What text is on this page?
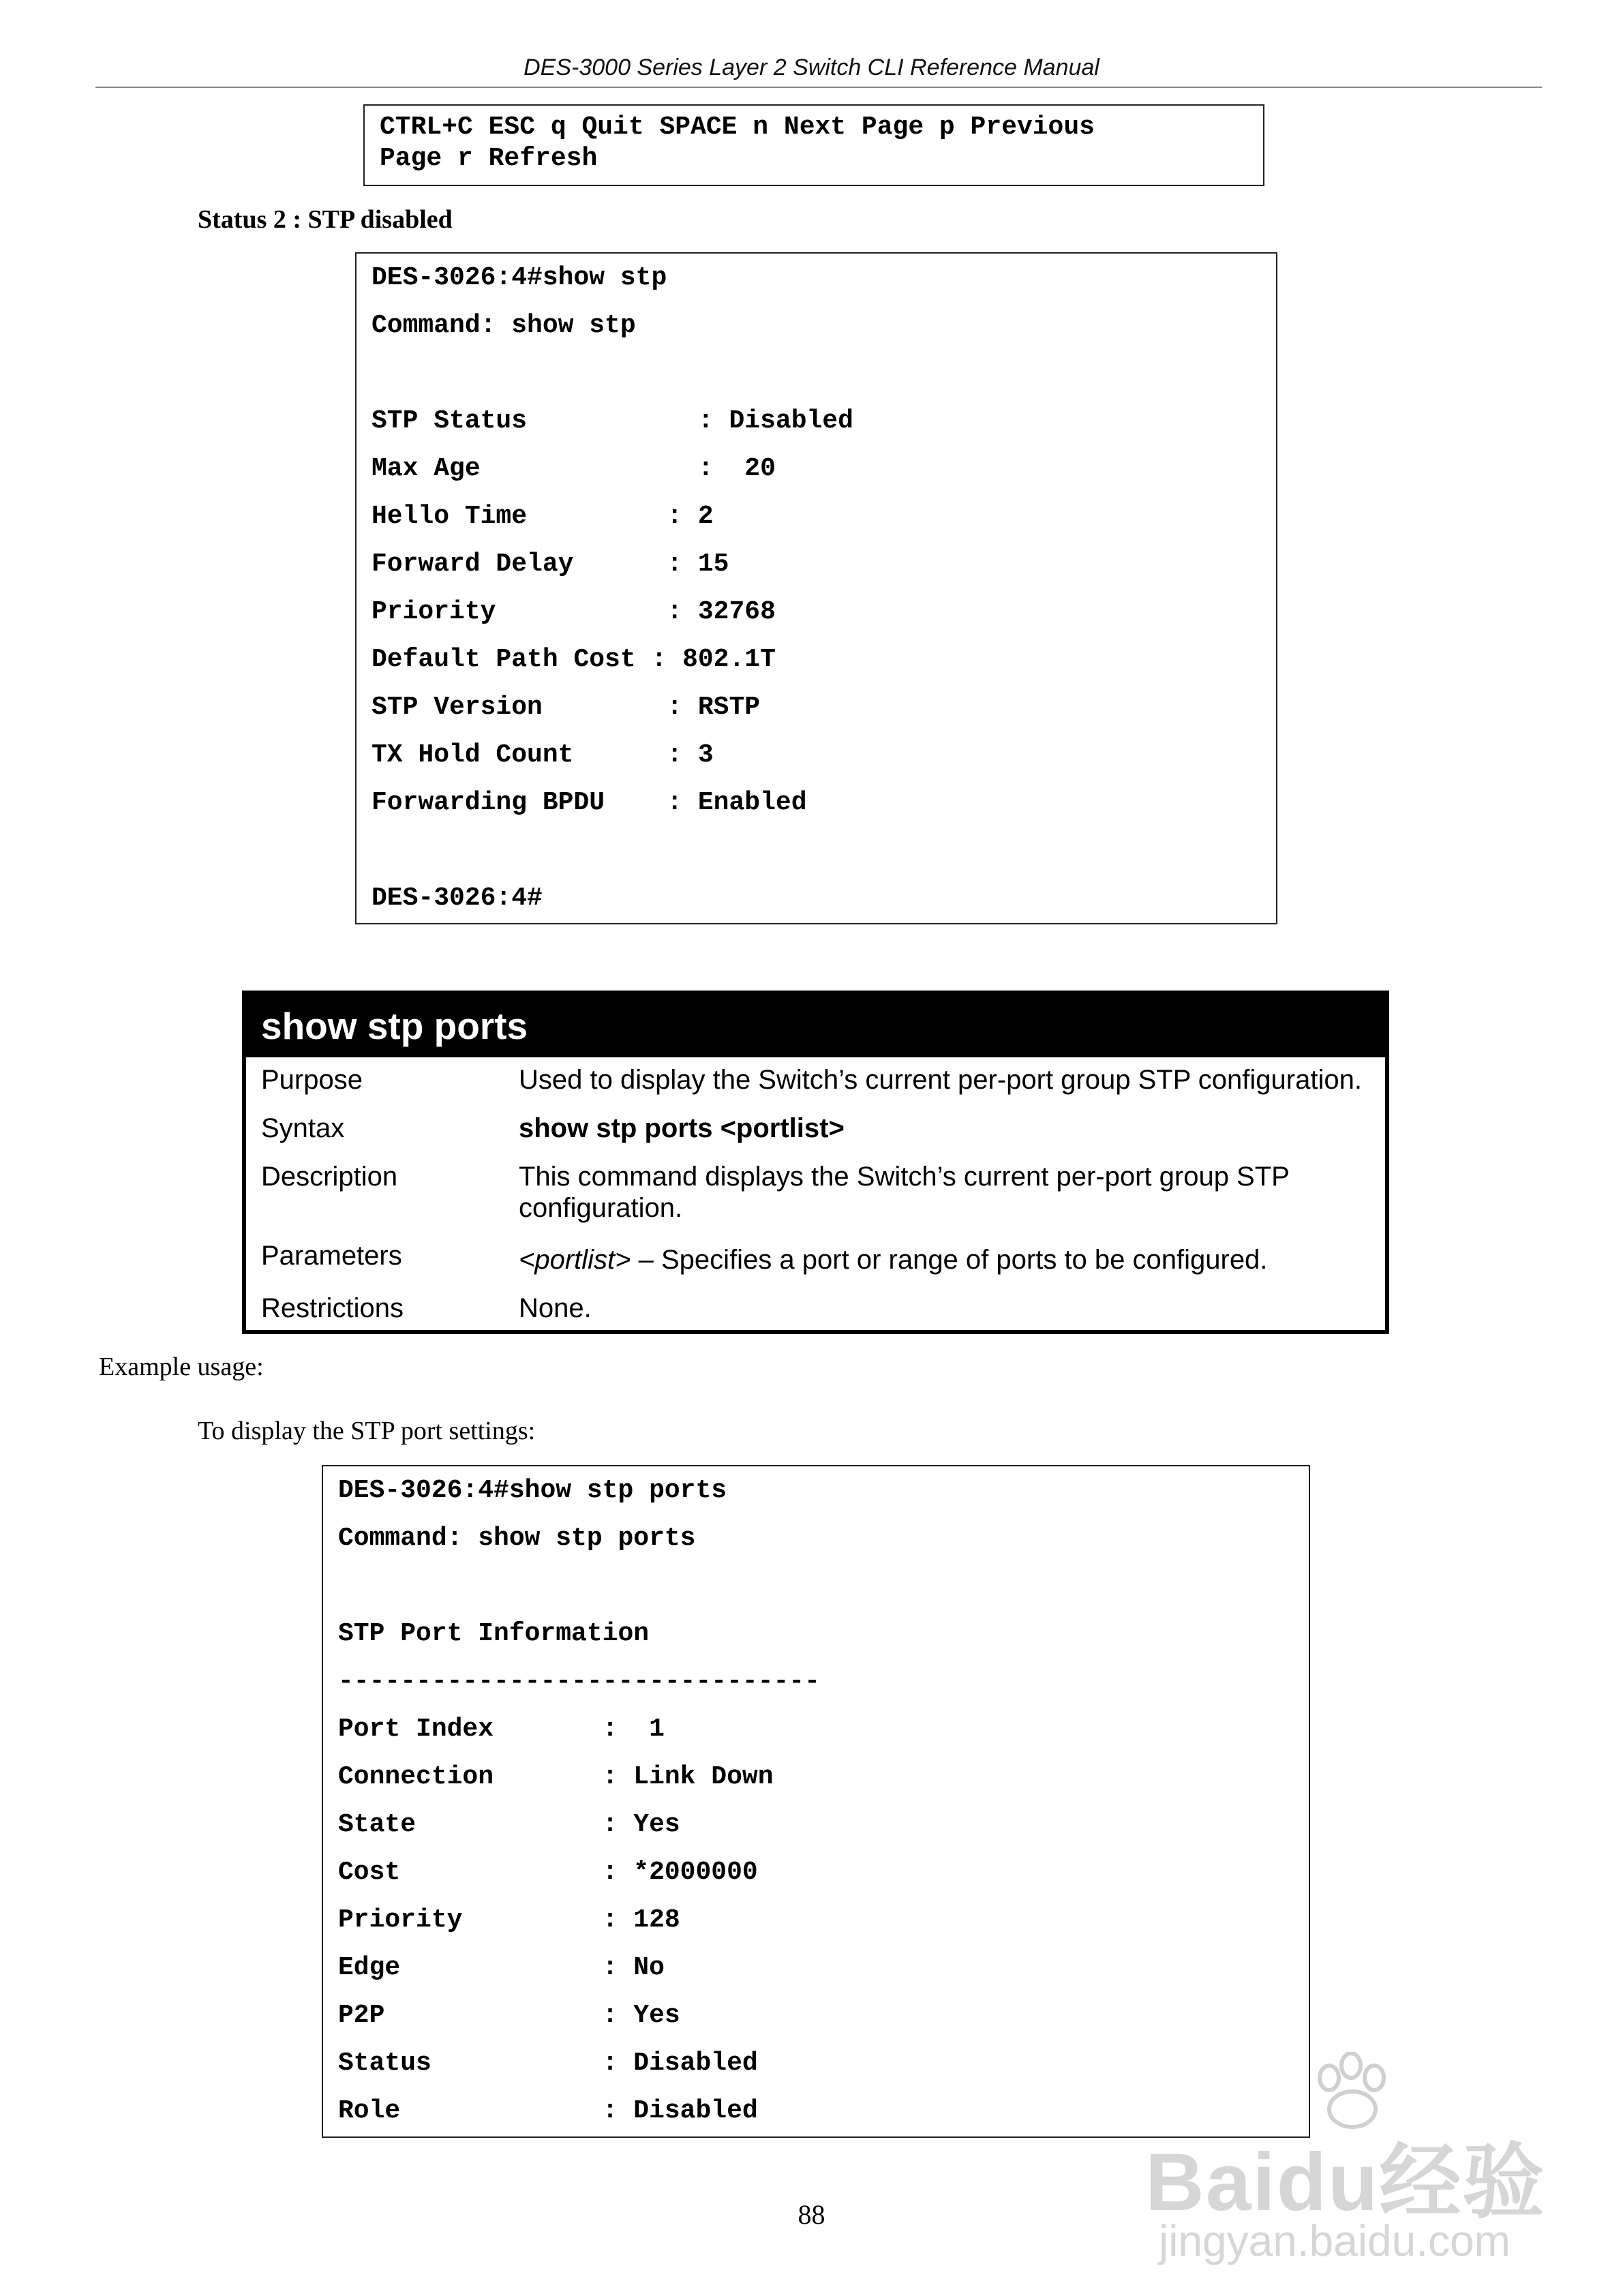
DES-3000 Series Layer 2 Switch CLI Reference Manual

CTRL+C ESC q Quit SPACE n Next Page p Previous

Page r Refresh

Status 2 : STP disabled

DES-3026:4#show stp

Command: show stp

STP Status           : Disabled

Max Age              :  20

Hello Time         : 2

Forward Delay      : 15

Priority           : 32768

Default Path Cost : 802.1T

STP Version        : RSTP

TX Hold Count      : 3

Forwarding BPDU    : Enabled

DES-3026:4#

show stp ports
Purpose	Used to display the Switch’s current per-port group STP configuration.
Syntax	show stp ports <portlist>
Description	This command displays the Switch’s current per-port group STP configuration.
Parameters	<portlist> – Specifies a port or range of ports to be configured.
Restrictions	None.
Example usage:
To display the STP port settings:

DES-3026:4#show stp ports

Command: show stp ports

STP Port Information

-------------------------------

Port Index       :  1

Connection       : Link Down

State            : Yes

Cost             : *2000000

Priority         : 128

Edge             : No

P2P              : Yes

Status           : Disabled

Role             : Disabled

88	Baidu经验
jingyan.baidu.com
